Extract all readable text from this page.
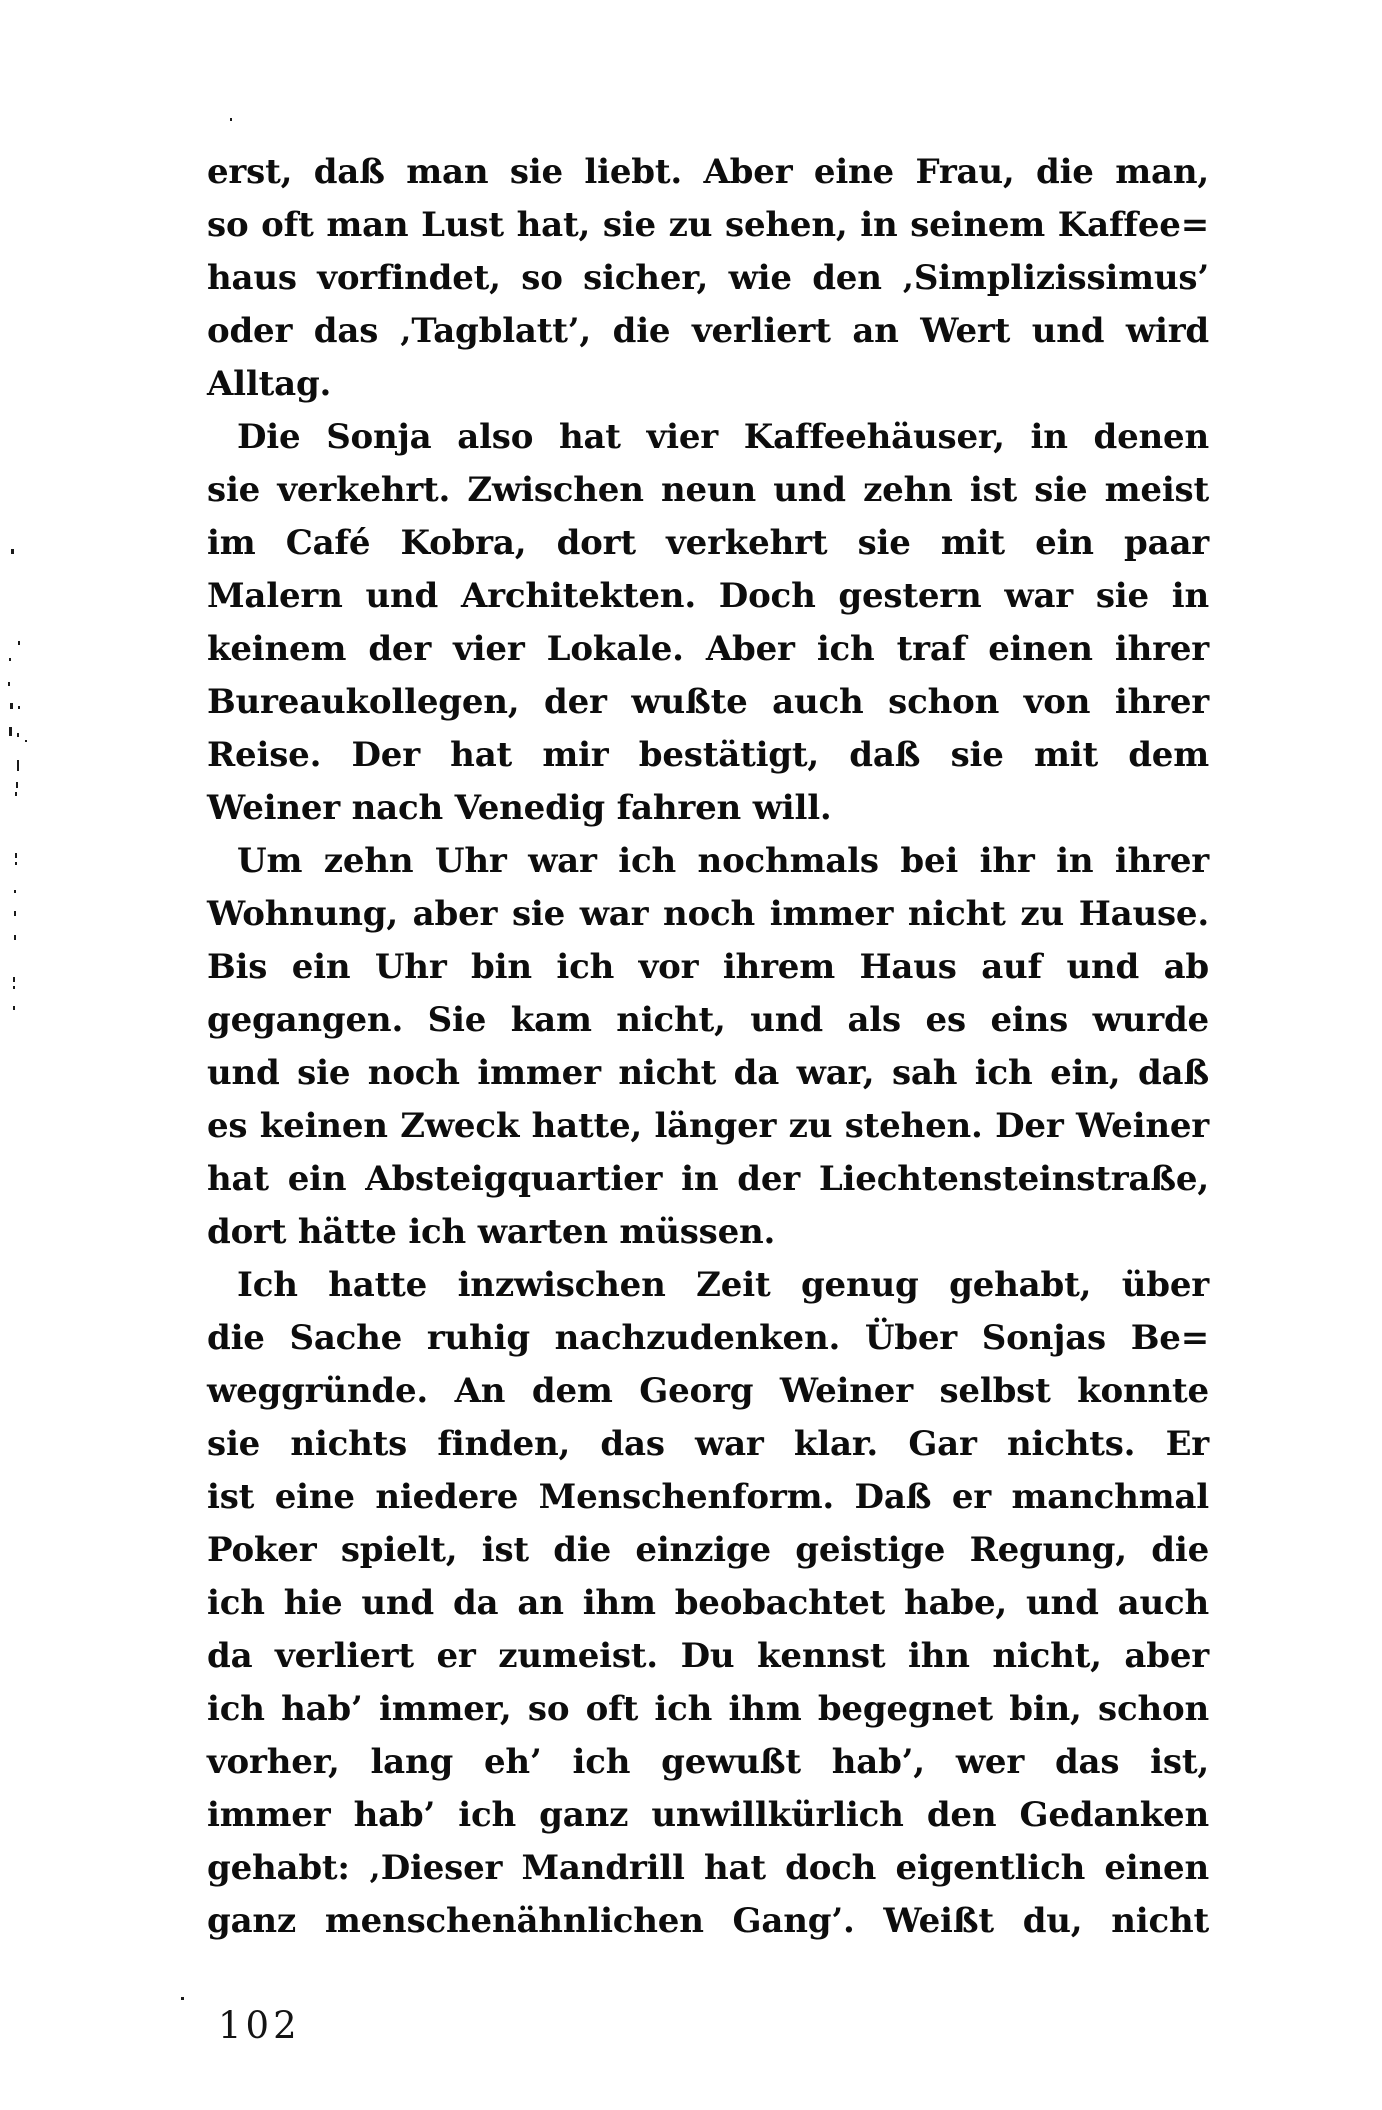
erst, daß man sie liebt. Aber eine Frau, die man,
so oft man Lust hat, sie zu sehen, in seinem Kaffee=
haus vorfindet, so sicher, wie den ‚Simplizissimus’
oder das ‚Tagblatt’, die verliert an Wert und wird
Alltag.
Die Sonja also hat vier Kaffeehäuser, in denen
sie verkehrt. Zwischen neun und zehn ist sie meist
im Café Kobra, dort verkehrt sie mit ein paar
Malern und Architekten. Doch gestern war sie in
keinem der vier Lokale. Aber ich traf einen ihrer
Bureaukollegen, der wußte auch schon von ihrer
Reise. Der hat mir bestätigt, daß sie mit dem
Weiner nach Venedig fahren will.
Um zehn Uhr war ich nochmals bei ihr in ihrer
Wohnung, aber sie war noch immer nicht zu Hause.
Bis ein Uhr bin ich vor ihrem Haus auf und ab
gegangen. Sie kam nicht, und als es eins wurde
und sie noch immer nicht da war, sah ich ein, daß
es keinen Zweck hatte, länger zu stehen. Der Weiner
hat ein Absteigquartier in der Liechtensteinstraße,
dort hätte ich warten müssen.
Ich hatte inzwischen Zeit genug gehabt, über
die Sache ruhig nachzudenken. Über Sonjas Be=
weggründe. An dem Georg Weiner selbst konnte
sie nichts finden, das war klar. Gar nichts. Er
ist eine niedere Menschenform. Daß er manchmal
Poker spielt, ist die einzige geistige Regung, die
ich hie und da an ihm beobachtet habe, und auch
da verliert er zumeist. Du kennst ihn nicht, aber
ich hab’ immer, so oft ich ihm begegnet bin, schon
vorher, lang eh’ ich gewußt hab’, wer das ist,
immer hab’ ich ganz unwillkürlich den Gedanken
gehabt: ‚Dieser Mandrill hat doch eigentlich einen
ganz menschenähnlichen Gang’. Weißt du, nicht
102
